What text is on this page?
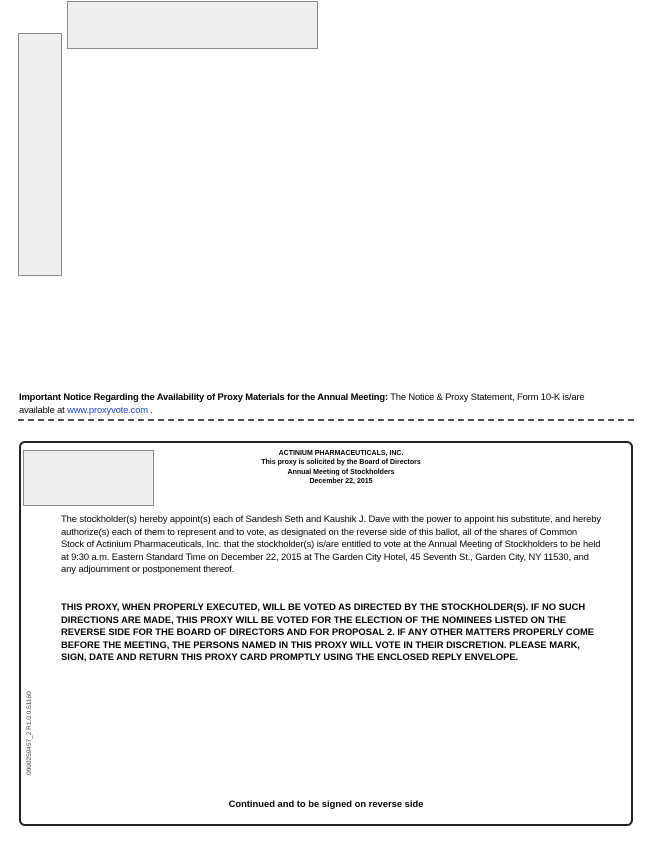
Important Notice Regarding the Availability of Proxy Materials for the Annual Meeting: The Notice & Proxy Statement, Form 10-K is/are
available at www.proxyvote.com .
ACTINIUM PHARMACEUTICALS, INC.
This proxy is solicited by the Board of Directors
Annual Meeting of Stockholders
December 22, 2015
The stockholder(s) hereby appoint(s) each of Sandesh Seth and Kaushik J. Dave with the power to appoint his substitute, and hereby authorize(s) each of them to represent and to vote, as designated on the reverse side of this ballot, all of the shares of Common Stock of Actinium Pharmaceuticals, Inc. that the stockholder(s) is/are entitled to vote at the Annual Meeting of Stockholders to be held at 9:30 a.m. Eastern Standard Time on December 22, 2015 at The Garden City Hotel, 45 Seventh St., Garden City, NY 11530, and any adjournment or postponement thereof.
THIS PROXY, WHEN PROPERLY EXECUTED, WILL BE VOTED AS DIRECTED BY THE STOCKHOLDER(S). IF NO SUCH DIRECTIONS ARE MADE, THIS PROXY WILL BE VOTED FOR THE ELECTION OF THE NOMINEES LISTED ON THE REVERSE SIDE FOR THE BOARD OF DIRECTORS AND FOR PROPOSAL 2. IF ANY OTHER MATTERS PROPERLY COME BEFORE THE MEETING, THE PERSONS NAMED IN THIS PROXY WILL VOTE IN THEIR DISCRETION. PLEASE MARK, SIGN, DATE AND RETURN THIS PROXY CARD PROMPTLY USING THE ENCLOSED REPLY ENVELOPE.
0000259457_2 R1.0.0.51160
Continued and to be signed on reverse side
